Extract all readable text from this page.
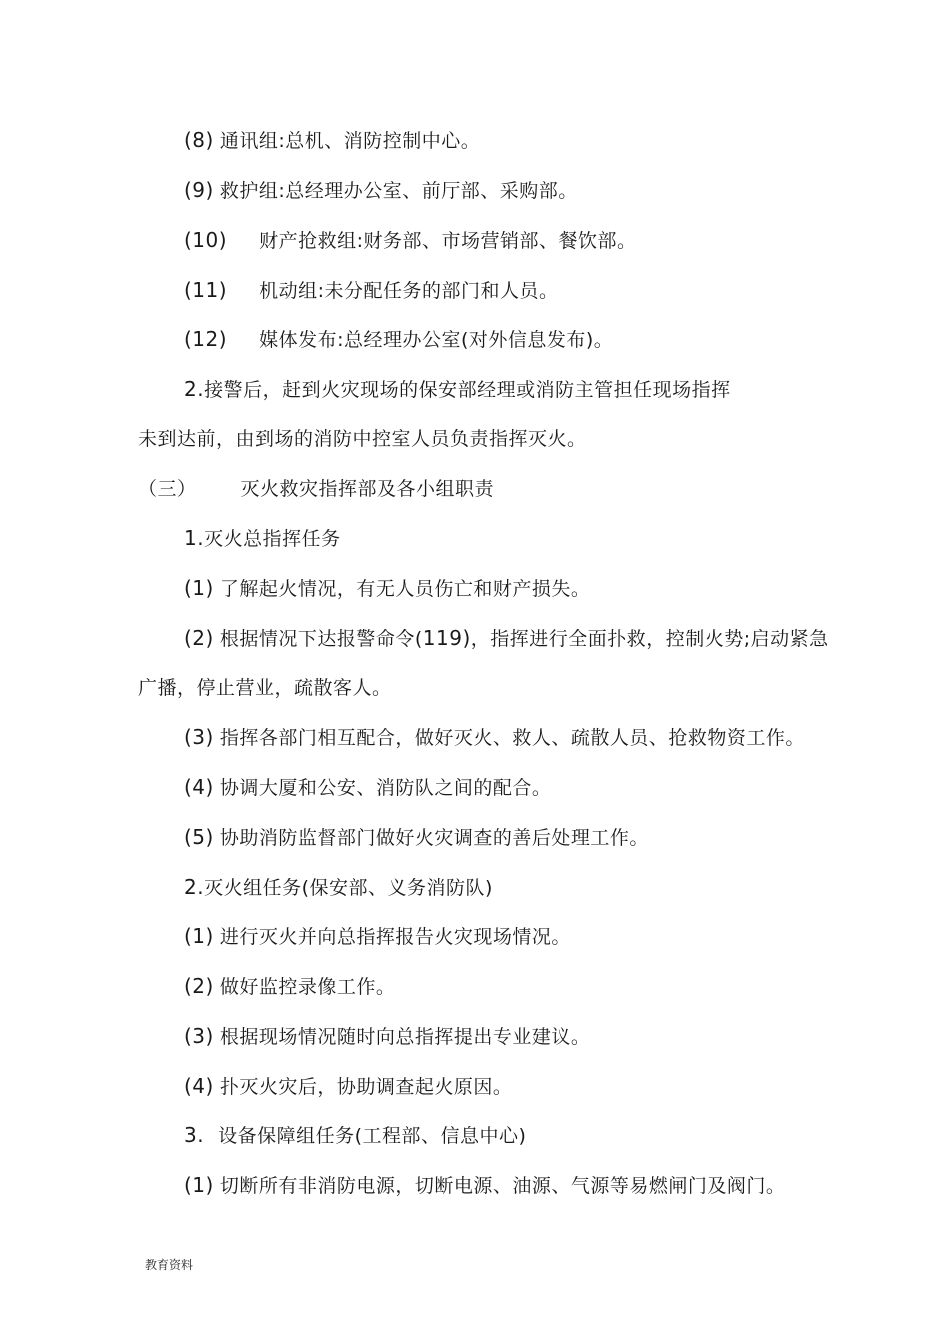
(8) 通讯组:总机、消防控制中心。
(9) 救护组:总经理办公室、前厅部、采购部。
(10) 财产抢救组:财务部、市场营销部、餐饮部。
(11) 机动组:未分配任务的部门和人员。
(12) 媒体发布:总经理办公室(对外信息发布)。
2.接警后，赶到火灾现场的保安部经理或消防主管担任现场指挥
未到达前，由到场的消防中控室人员负责指挥灭火。
（三） 灭火救灾指挥部及各小组职责
1.灭火总指挥任务
(1) 了解起火情况，有无人员伤亡和财产损失。
(2) 根据情况下达报警命令(119)，指挥进行全面扑救，控制火势;启动紧急
广播，停止营业，疏散客人。
(3) 指挥各部门相互配合，做好灭火、救人、疏散人员、抢救物资工作。
(4) 协调大厦和公安、消防队之间的配合。
(5) 协助消防监督部门做好火灾调查的善后处理工作。
2.灭火组任务(保安部、义务消防队)
(1) 进行灭火并向总指挥报告火灾现场情况。
(2) 做好监控录像工作。
(3) 根据现场情况随时向总指挥提出专业建议。
(4) 扑灭火灾后，协助调查起火原因。
3. 设备保障组任务(工程部、信息中心)
(1) 切断所有非消防电源，切断电源、油源、气源等易燃闸门及阀门。
教育资料
